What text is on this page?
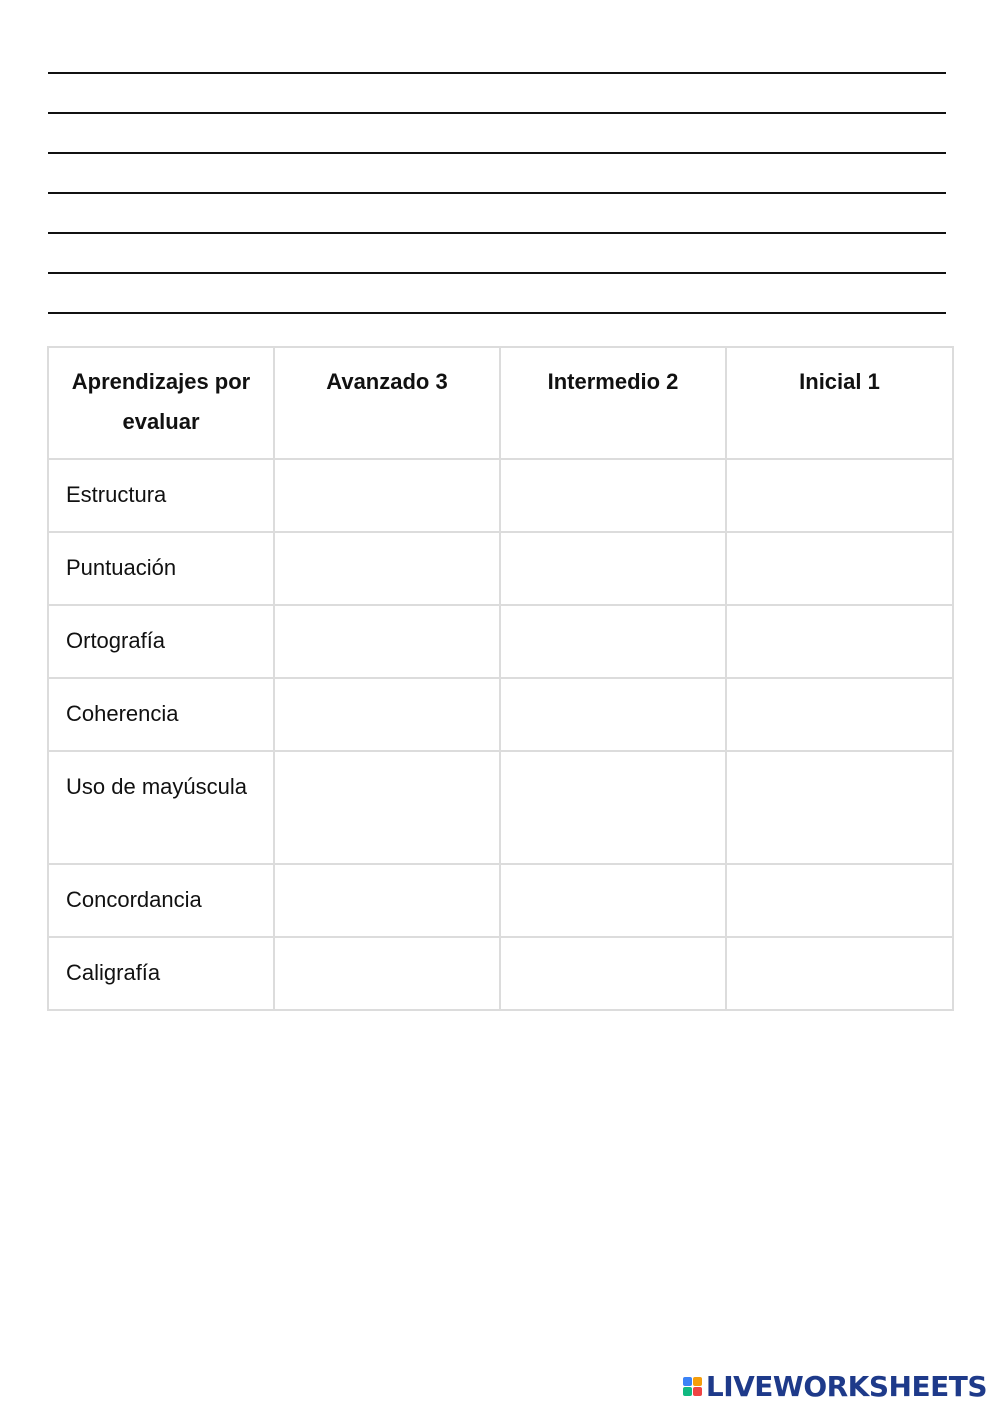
Aprendizajes por evaluar	Avanzado 3	Intermedio 2	Inicial 1
Estructura			
Puntuación			
Ortografía			
Coherencia			
Uso de mayúscula			
Concordancia			
Caligrafía			
LIVEWORKSHEETS
